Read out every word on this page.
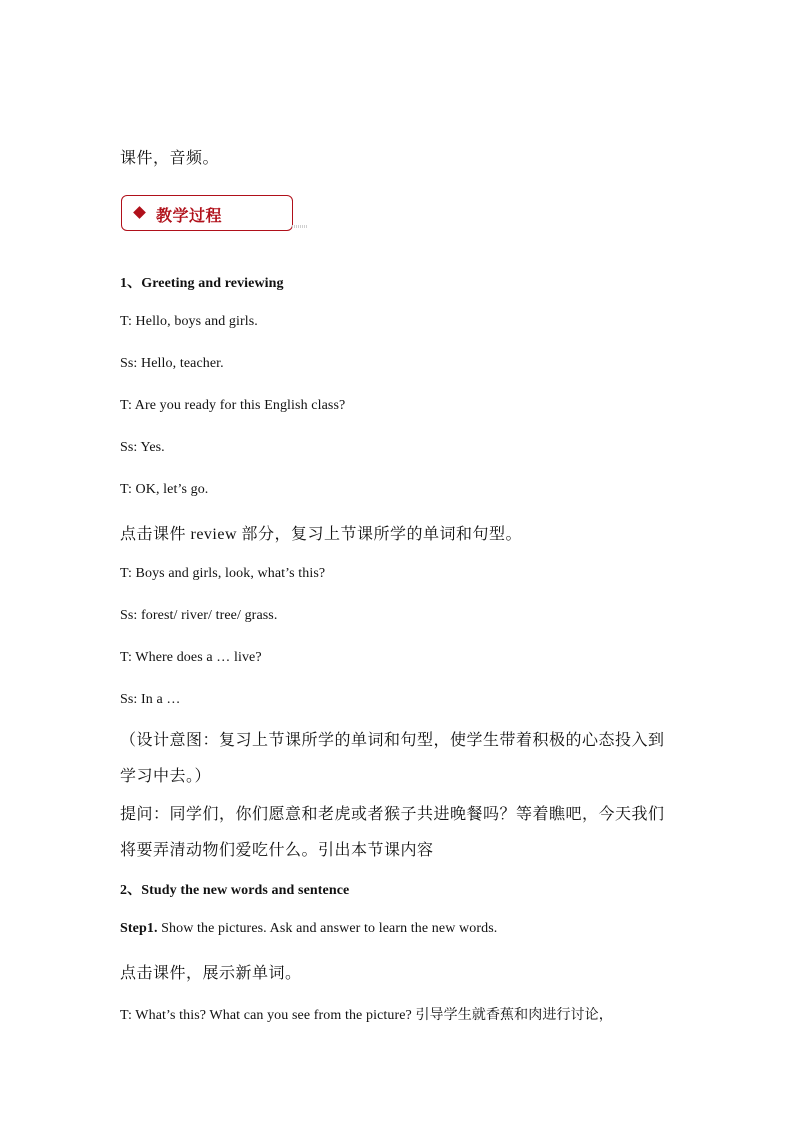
课件，音频。
教学过程
1、Greeting and reviewing
T: Hello, boys and girls.
Ss: Hello, teacher.
T: Are you ready for this English class?
Ss: Yes.
T: OK, let’s go.
点击课件 review 部分，复习上节课所学的单词和句型。
T: Boys and girls, look, what’s this?
Ss: forest/ river/ tree/ grass.
T: Where does a … live?
Ss: In a …
（设计意图：复习上节课所学的单词和句型，使学生带着积极的心态投入到学习中去。）
提问：同学们，你们愿意和老虎或者猴子共进晚餐吗？等着瞧吧，今天我们将要弄清动物们爱吃什么。引出本节课内容
2、Study the new words and sentence
Step1. Show the pictures. Ask and answer to learn the new words.
点击课件，展示新单词。
T: What’s this? What can you see from the picture? 引导学生就香蕉和肉进行讨论，
